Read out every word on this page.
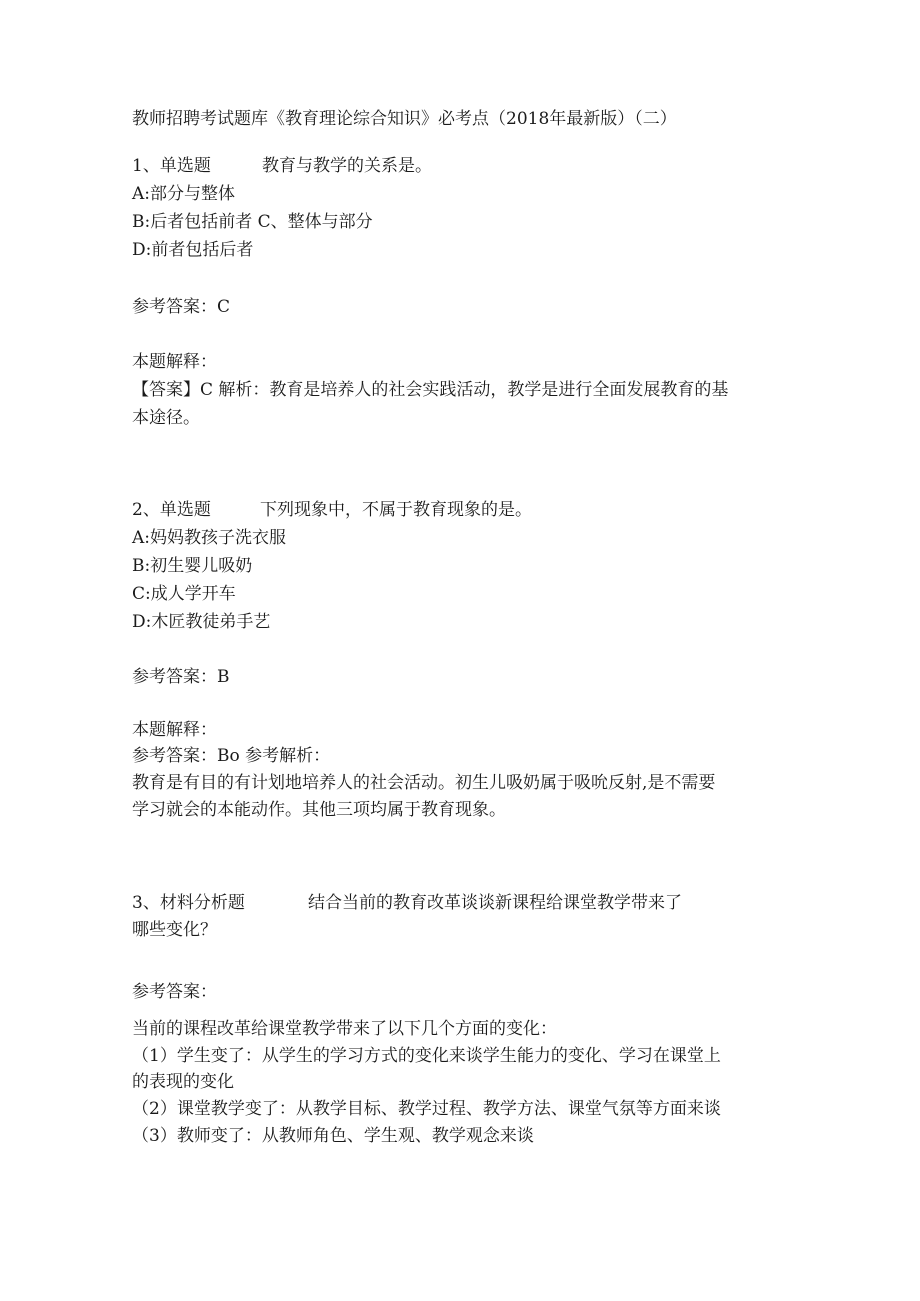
教师招聘考试题库《教育理论综合知识》必考点（2018年最新版）（二）
1、单选题	教育与教学的关系是。
A:部分与整体
B:后者包括前者 C、整体与部分
D:前者包括后者
参考答案：C
本题解释：
【答案】C 解析：教育是培养人的社会实践活动，教学是进行全面发展教育的基
本途径。
2、单选题	下列现象中，不属于教育现象的是。
A:妈妈教孩子洗衣服
B:初生婴儿吸奶
C:成人学开车
D:木匠教徒弟手艺
参考答案：B
本题解释：
参考答案：Bo 参考解析：
教育是有目的有计划地培养人的社会活动。初生儿吸奶属于吸吮反射,是不需要
学习就会的本能动作。其他三项均属于教育现象。
3、材料分析题	结合当前的教育改革谈谈新课程给课堂教学带来了
哪些变化？
参考答案：
当前的课程改革给课堂教学带来了以下几个方面的变化：
（1）学生变了：从学生的学习方式的变化来谈学生能力的变化、学习在课堂上
的表现的变化
（2）课堂教学变了：从教学目标、教学过程、教学方法、课堂气氛等方面来谈
（3）教师变了：从教师角色、学生观、教学观念来谈
